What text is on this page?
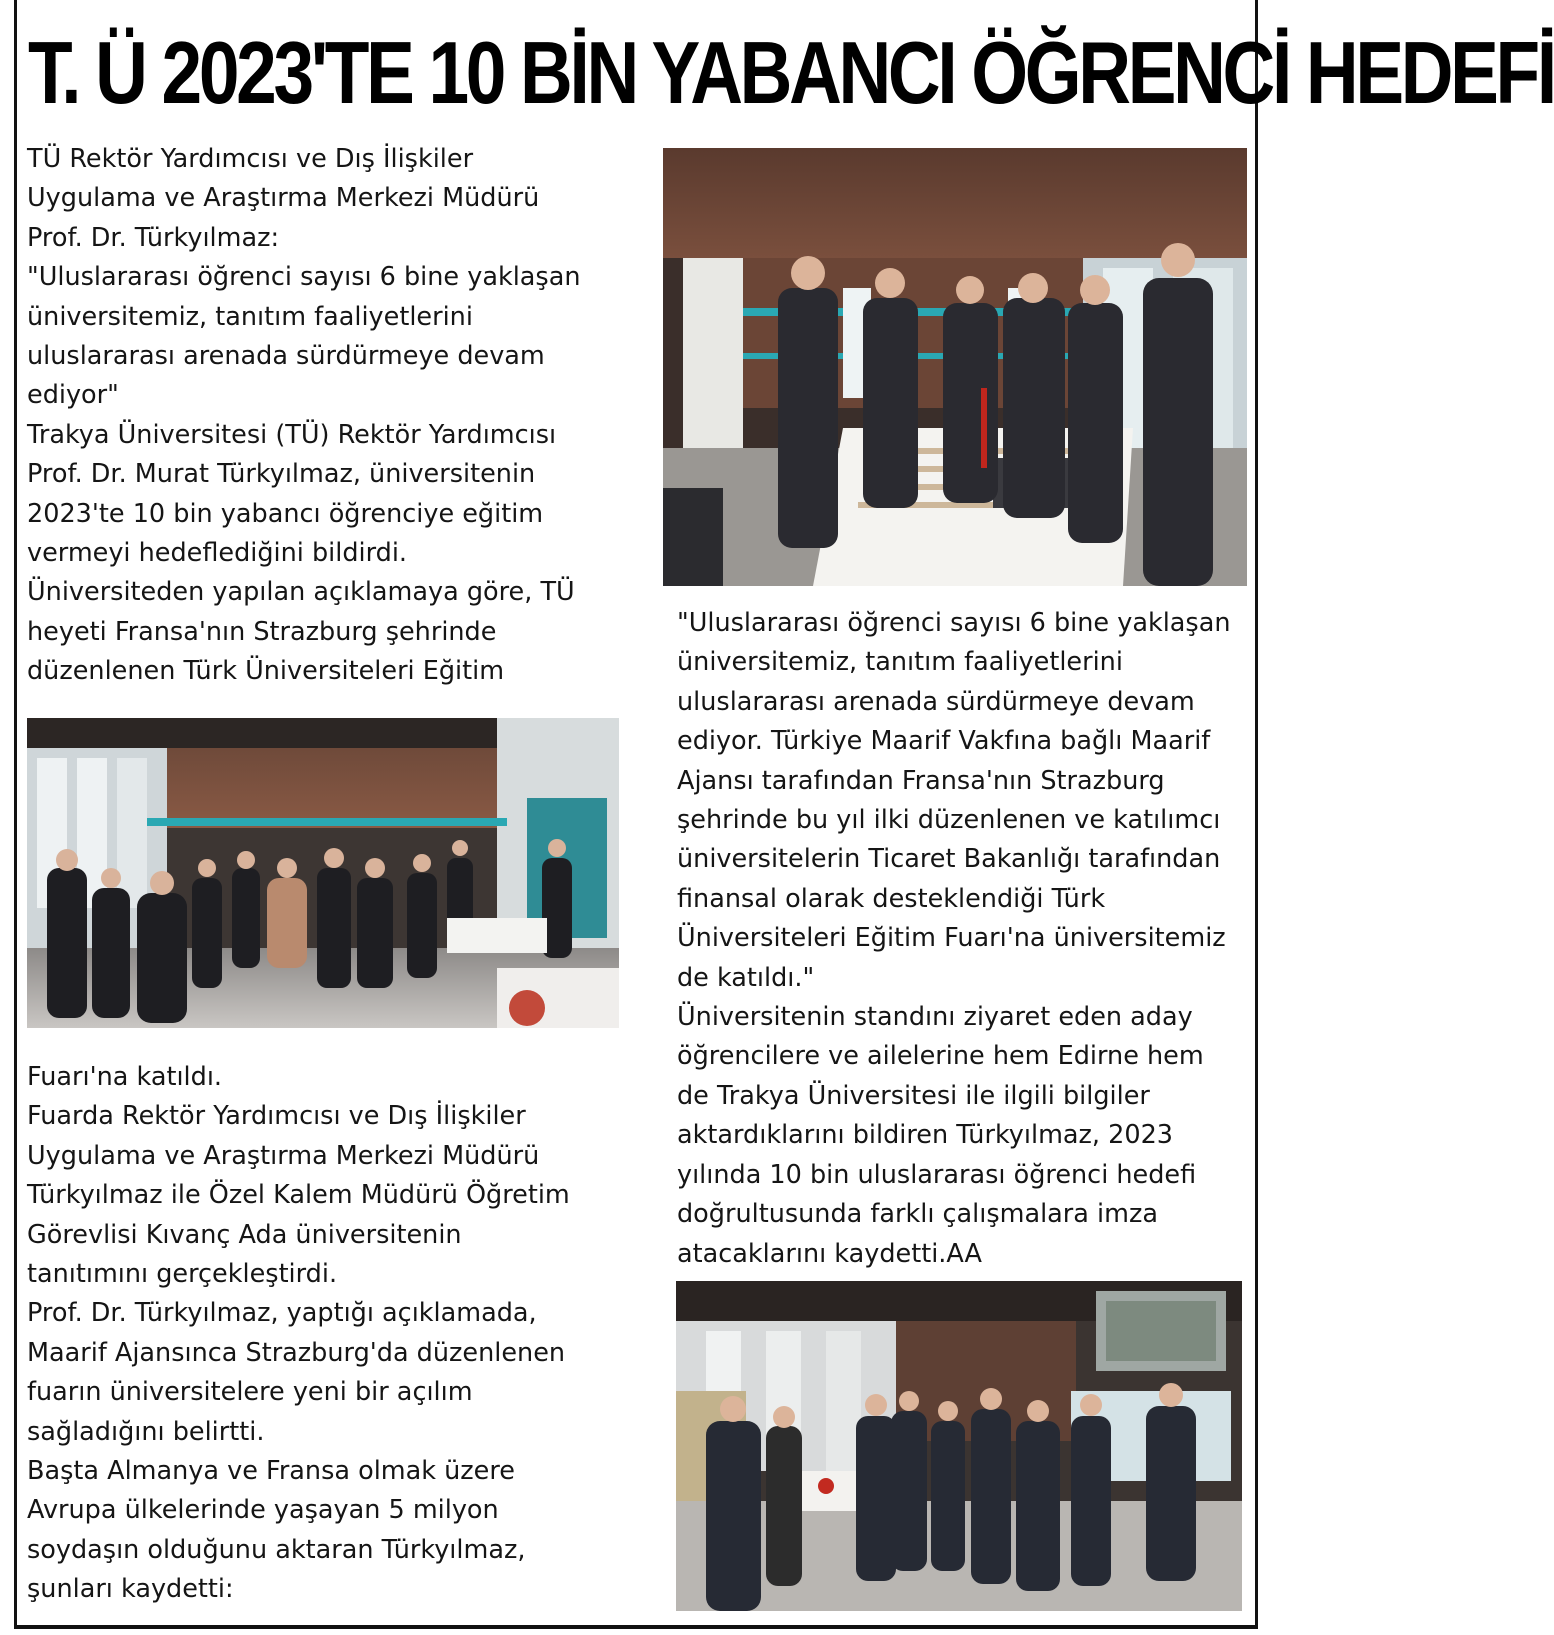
T. Ü 2023'TE 10 BİN YABANCI ÖĞRENCİ HEDEFİ

TÜ Rektör Yardımcısı ve Dış İlişkiler

Uygulama ve Araştırma Merkezi Müdürü

Prof. Dr. Türkyılmaz:

"Uluslararası öğrenci sayısı 6 bine yaklaşan

üniversitemiz, tanıtım faaliyetlerini

uluslararası arenada sürdürmeye devam

ediyor"

Trakya Üniversitesi (TÜ) Rektör Yardımcısı

Prof. Dr. Murat Türkyılmaz, üniversitenin

2023'te 10 bin yabancı öğrenciye eğitim

vermeyi hedeflediğini bildirdi.

Üniversiteden yapılan açıklamaya göre, TÜ

heyeti Fransa'nın Strazburg şehrinde

düzenlenen Türk Üniversiteleri Eğitim

Fuarı'na katıldı.

Fuarda Rektör Yardımcısı ve Dış İlişkiler

Uygulama ve Araştırma Merkezi Müdürü

Türkyılmaz ile Özel Kalem Müdürü Öğretim

Görevlisi Kıvanç Ada üniversitenin

tanıtımını gerçekleştirdi.

Prof. Dr. Türkyılmaz, yaptığı açıklamada,

Maarif Ajansınca Strazburg'da düzenlenen

fuarın üniversitelere yeni bir açılım

sağladığını belirtti.

Başta Almanya ve Fransa olmak üzere

Avrupa ülkelerinde yaşayan 5 milyon

soydaşın olduğunu aktaran Türkyılmaz,

şunları kaydetti:

"Uluslararası öğrenci sayısı 6 bine yaklaşan

üniversitemiz, tanıtım faaliyetlerini

uluslararası arenada sürdürmeye devam

ediyor. Türkiye Maarif Vakfına bağlı Maarif

Ajansı tarafından Fransa'nın Strazburg

şehrinde bu yıl ilki düzenlenen ve katılımcı

üniversitelerin Ticaret Bakanlığı tarafından

finansal olarak desteklendiği Türk

Üniversiteleri Eğitim Fuarı'na üniversitemiz

de katıldı."

Üniversitenin standını ziyaret eden aday

öğrencilere ve ailelerine hem Edirne hem

de Trakya Üniversitesi ile ilgili bilgiler

aktardıklarını bildiren Türkyılmaz, 2023

yılında 10 bin uluslararası öğrenci hedefi

doğrultusunda farklı çalışmalara imza

atacaklarını kaydetti.AA
